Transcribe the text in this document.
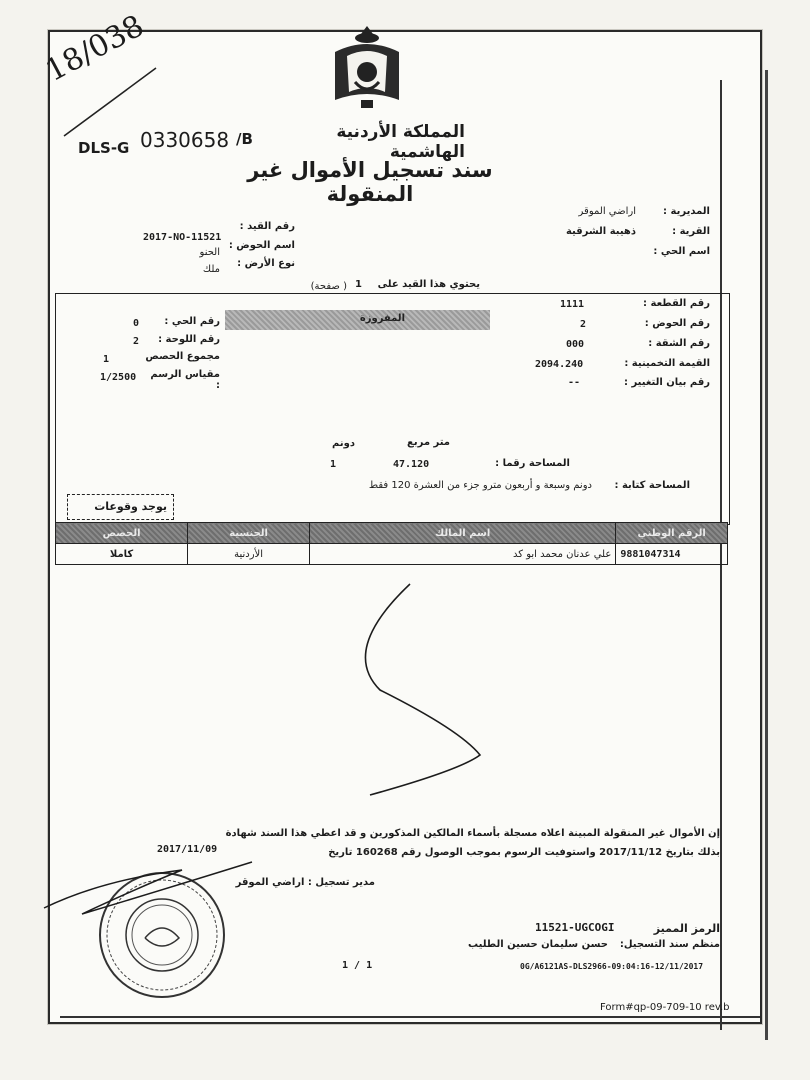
18/038
DLS-G 0330658 /B	المملكة الأردنية الهاشمية
سند تسجيل الأموال غير المنقولة
المديرية :
اراضي الموقر
القرية :
ذهيبة الشرقية
اسم الحي :
رقم القيد :
2017-NO-11521
اسم الحوض :
الحنو
نوع الأرض :
ملك
يحتوي هذا القيد على
1
( صفحة)
المفروزة
رقم القطعة :
1111
رقم الحوض :
2
رقم الشقة :
000
القيمة التخمينية :
2094.240
رقم بيان التغيير :
--
رقم الحي :
0
رقم اللوحة :
2
مجموع الحصص
1
مقياس الرسم :
1/2500
متر مربع
دونم
المساحة رقما :
47.120
1
المساحة كتابة :
دونم وسبعة و أربعون مترو جزء من العشرة 120 فقط
يوجد وقوعات
الحصص	الجنسية	اسم المالك	الرقم الوطني
كاملا	الأردنية	علي عدنان محمد ابو كد	9881047314
إن الأموال غير المنقولة المبينة اعلاه مسجلة بأسماء المالكين المذكورين و قد اعطي هذا السند شهادة
بذلك بتاريخ 2017/11/12 واستوفيت الرسوم بموجب الوصول رقم 160268 تاريخ
2017/11/09
مدير تسجيل : اراضي الموقر
الرمز المميز
11521-UGCOGI
منظم سند التسجيل:
حسن سليمان حسين الطليب
1 / 1	0G/A6121AS-DLS2966-09:04:16-12/11/2017
Form#qp-09-709-10 rev.b
